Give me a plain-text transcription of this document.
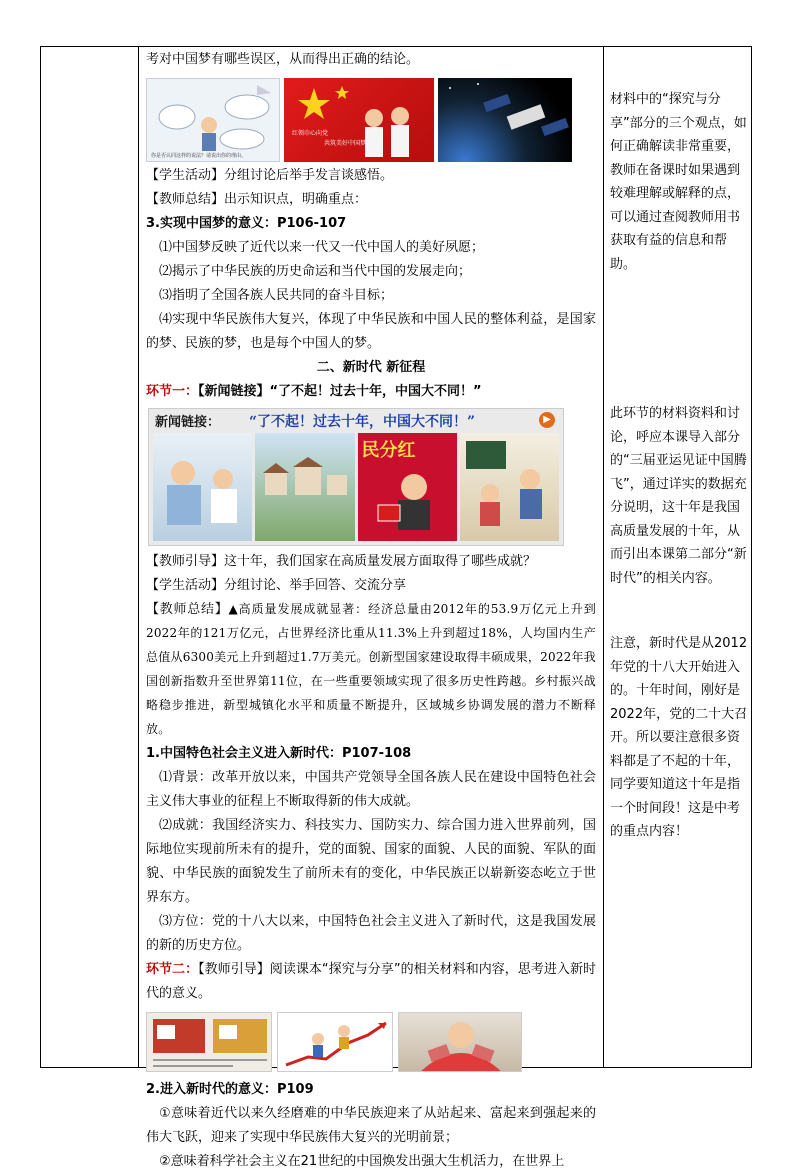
考对中国梦有哪些误区，从而得出正确的结论。

你是否认同这样的说法？请说出你的理由。
红领巾心向党
共筑美好中国梦

【学生活动】分组讨论后举手发言谈感悟。

【教师总结】出示知识点，明确重点：

3.实现中国梦的意义：P106-107

⑴中国梦反映了近代以来一代又一代中国人的美好夙愿；

⑵揭示了中华民族的历史命运和当代中国的发展走向；

⑶指明了全国各族人民共同的奋斗目标；

⑷实现中华民族伟大复兴，体现了中华民族和中国人民的整体利益，是国家的梦、民族的梦，也是每个中国人的梦。

二、新时代 新征程

环节一：【新闻链接】“了不起！过去十年，中国大不同！”

新闻链接： “了不起！过去十年，中国大不同！”
民分红
▶

【教师引导】这十年，我们国家在高质量发展方面取得了哪些成就？

【学生活动】分组讨论、举手回答、交流分享

【教师总结】▲高质量发展成就显著：经济总量由2012年的53.9万亿元上升到2022年的121万亿元，占世界经济比重从11.3%上升到超过18%，人均国内生产总值从6300美元上升到超过1.7万美元。创新型国家建设取得丰硕成果，2022年我国创新指数升至世界第11位，在一些重要领域实现了很多历史性跨越。乡村振兴战略稳步推进，新型城镇化水平和质量不断提升，区域城乡协调发展的潜力不断释放。

1.中国特色社会主义进入新时代：P107-108

⑴背景：改革开放以来，中国共产党领导全国各族人民在建设中国特色社会主义伟大事业的征程上不断取得新的伟大成就。

⑵成就：我国经济实力、科技实力、国防实力、综合国力进入世界前列，国际地位实现前所未有的提升，党的面貌、国家的面貌、人民的面貌、军队的面貌、中华民族的面貌发生了前所未有的变化，中华民族正以崭新姿态屹立于世界东方。

⑶方位：党的十八大以来，中国特色社会主义进入了新时代，这是我国发展的新的历史方位。

环节二：【教师引导】阅读课本“探究与分享”的相关材料和内容，思考进入新时代的意义。

2.进入新时代的意义：P109

①意味着近代以来久经磨难的中华民族迎来了从站起来、富起来到强起来的伟大飞跃，迎来了实现中华民族伟大复兴的光明前景；

②意味着科学社会主义在21世纪的中国焕发出强大生机活力，在世界上

材料中的“探究与分享”部分的三个观点，如何正确解读非常重要，教师在备课时如果遇到较难理解或解释的点，可以通过查阅教师用书获取有益的信息和帮助。
此环节的材料资料和讨论，呼应本课导入部分的“三届亚运见证中国腾飞”，通过详实的数据充分说明，这十年是我国高质量发展的十年，从而引出本课第二部分“新时代”的相关内容。
注意，新时代是从2012年党的十八大开始进入的。十年时间，刚好是2022年，党的二十大召开。所以要注意很多资料都是了不起的十年，同学要知道这十年是指一个时间段！这是中考的重点内容！
